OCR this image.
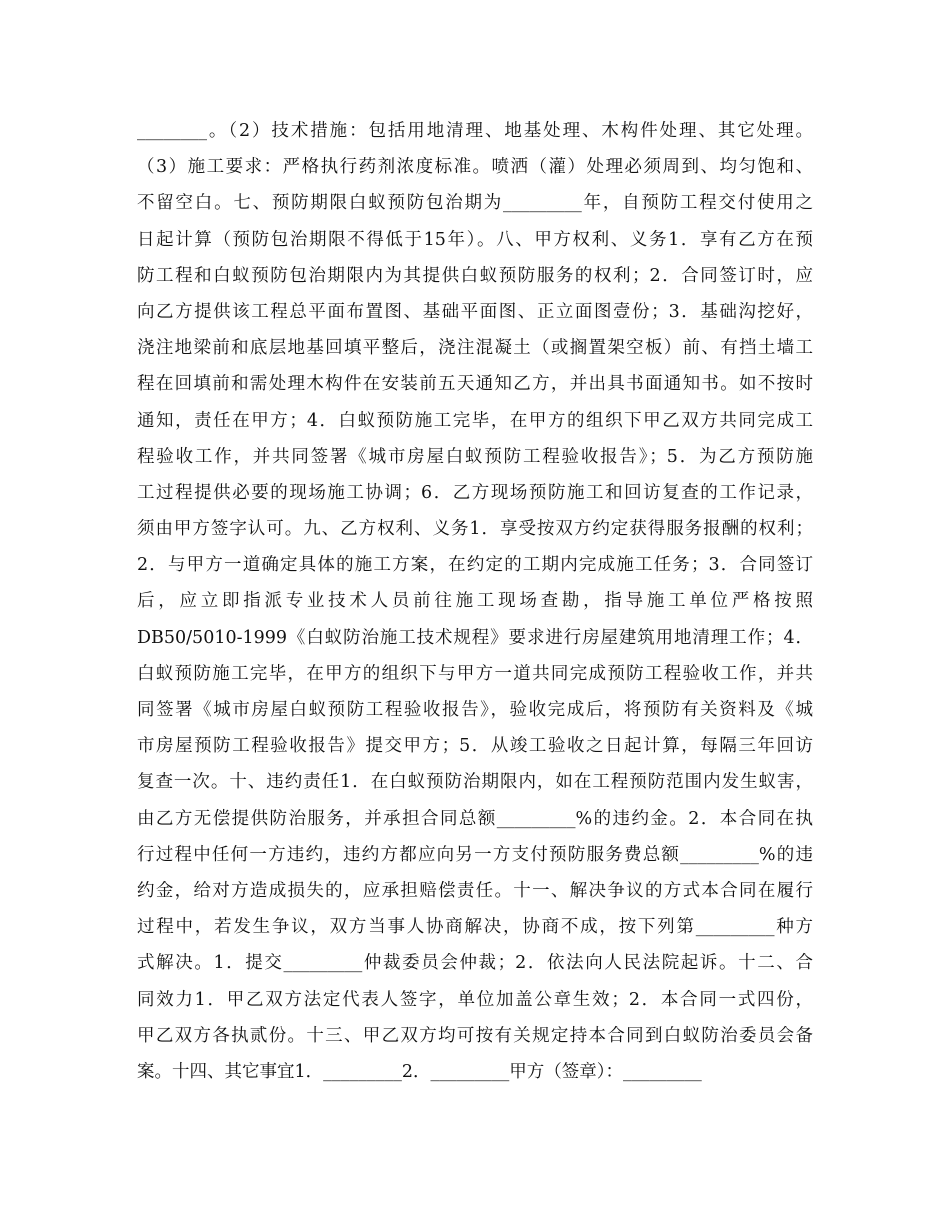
________。（2）技术措施：包括用地清理、地基处理、木构件处理、其它处理。
（3）施工要求：严格执行药剂浓度标准。喷洒（灌）处理必须周到、均匀饱和、
不留空白。七、预防期限白蚁预防包治期为_________年，自预防工程交付使用之
日起计算（预防包治期限不得低于15年）。八、甲方权利、义务1．享有乙方在预
防工程和白蚁预防包治期限内为其提供白蚁预防服务的权利；2．合同签订时，应
向乙方提供该工程总平面布置图、基础平面图、正立面图壹份；3．基础沟挖好，
浇注地梁前和底层地基回填平整后，浇注混凝土（或搁置架空板）前、有挡土墙工
程在回填前和需处理木构件在安装前五天通知乙方，并出具书面通知书。如不按时
通知，责任在甲方；4．白蚁预防施工完毕，在甲方的组织下甲乙双方共同完成工
程验收工作，并共同签署《城市房屋白蚁预防工程验收报告》；5．为乙方预防施
工过程提供必要的现场施工协调；6．乙方现场预防施工和回访复查的工作记录，
须由甲方签字认可。九、乙方权利、义务1．享受按双方约定获得服务报酬的权利；
2．与甲方一道确定具体的施工方案，在约定的工期内完成施工任务；3．合同签订
后，应立即指派专业技术人员前往施工现场查勘，指导施工单位严格按照
DB50/5010-1999《白蚁防治施工技术规程》要求进行房屋建筑用地清理工作；4．
白蚁预防施工完毕，在甲方的组织下与甲方一道共同完成预防工程验收工作，并共
同签署《城市房屋白蚁预防工程验收报告》，验收完成后，将预防有关资料及《城
市房屋预防工程验收报告》提交甲方；5．从竣工验收之日起计算，每隔三年回访
复查一次。十、违约责任1．在白蚁预防治期限内，如在工程预防范围内发生蚁害，
由乙方无偿提供防治服务，并承担合同总额_________%的违约金。2．本合同在执
行过程中任何一方违约，违约方都应向另一方支付预防服务费总额_________%的违
约金，给对方造成损失的，应承担赔偿责任。十一、解决争议的方式本合同在履行
过程中，若发生争议，双方当事人协商解决，协商不成，按下列第_________种方
式解决。1．提交_________仲裁委员会仲裁；2．依法向人民法院起诉。十二、合
同效力1．甲乙双方法定代表人签字，单位加盖公章生效；2．本合同一式四份，
甲乙双方各执贰份。十三、甲乙双方均可按有关规定持本合同到白蚁防治委员会备
案。十四、其它事宜1．_________2．_________甲方（签章）：_________
